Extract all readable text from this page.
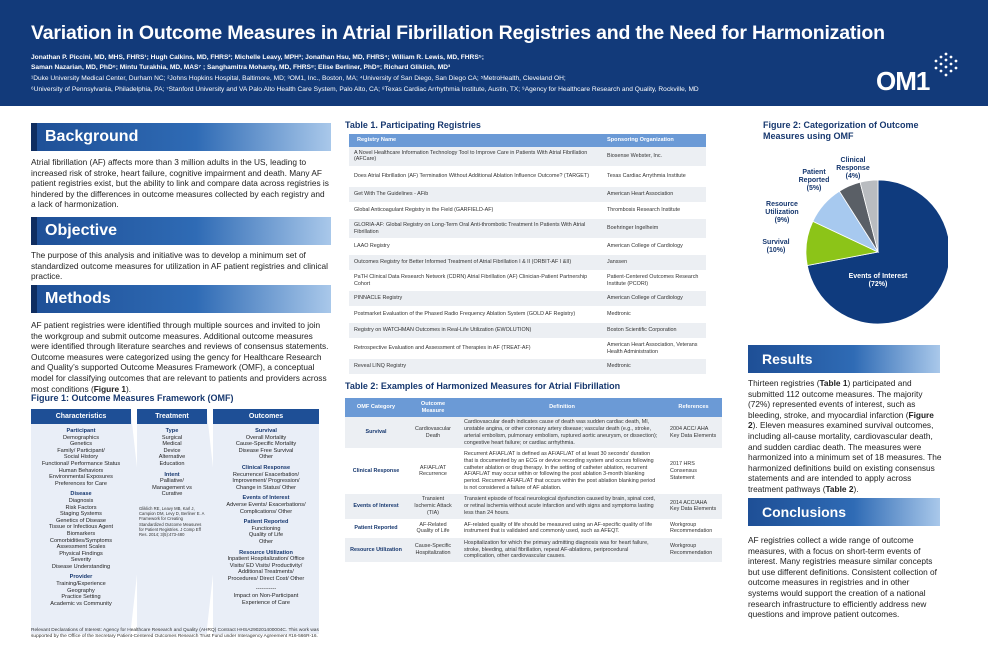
Variation in Outcome Measures in Atrial Fibrillation Registries and the Need for Harmonization
Jonathan P. Piccini, MD, MHS, FHRS¹; Hugh Calkins, MD, FHRS²; Michelle Leavy, MPH³; Jonathan Hsu, MD, FHRS⁴; William R. Lewis, MD, FHRS⁵;
Saman Nazarian, MD, PhD⁶; Mintu Turakhia, MD, MAS⁷ ; Sanghamitra Mohanty, MD, FHRS⁸; Elise Berliner, PhD⁹; Richard Gliklich, MD³
¹Duke University Medical Center, Durham NC; ²Johns Hopkins Hospital, Baltimore, MD; ³OM1, Inc., Boston, MA; ⁴University of San Diego, San Diego CA; ⁵MetroHealth, Cleveland OH;
⁶University of Pennsylvania, Philadelphia, PA; ⁷Stanford University and VA Palo Alto Health Care System, Palo Alto, CA; ⁸Texas Cardiac Arrhythmia Institute, Austin, TX; ⁹Agency for Healthcare Research and Quality, Rockville, MD	OM1
Background
Atrial fibrillation (AF) affects more than 3 million adults in the US, leading to increased risk of stroke, heart failure, cognitive impairment and death. Many AF patient registries exist, but the ability to link and compare data across registries is hindered by the differences in outcome measures collected by each registry and a lack of harmonization.
Objective
The purpose of this analysis and initiative was to develop a minimum set of standardized outcome measures for utilization in AF patient registries and clinical practice.
Methods
AF patient registries were identified through multiple sources and invited to join the workgroup and submit outcome measures. Additional outcome measures were identified through literature searches and reviews of consensus statements. Outcome measures were categorized using the gency for Healthcare Research and Quality’s supported Outcome Measures Framework (OMF), a conceptual model for classifying outcomes that are relevant to patients and providers across most conditions (Figure 1).
Figure 1: Outcome Measures Framework (OMF)
Characteristics
Participant
Demographics
Genetics
Family/ Participant/
Social History
Functional/ Performance Status
Human Behaviors
Environmental Exposures
Preferences for Care
Disease
Diagnosis
Risk Factors
Staging Systems
Genetics of Disease
Tissue or Infectious Agent
Biomarkers
Comorbidities/Symptoms
Assessment Scales
Physical Findings
Severity
Disease Understanding
Provider
Training/Experience
Geography
Practice Setting
Academic vs Community
Treatment
Type
Surgical
Medical
Device
Alternative
Education
Intent
Palliative/
Management vs
Curative
Gliklich RE, Leavy MB, Karl J, Campion DM, Levy D, Berliner E. A Framework for Creating Standardized Outcome Measures for Patient Registries. J Comp Eff Res. 2014; 3(5):473-480
Outcomes
Survival
Overall Mortality
Cause-Specific Mortality
Disease Free Survival
Other
Clinical Response
Recurrence/ Exacerbation/
Improvement/ Progression/
Change in Status/ Other
Events of Interest
Adverse Events/ Exacerbations/
Complications/ Other
Patient Reported
Functioning
Quality of Life
Other
Resource Utilization
Inpatient Hospitalization/ Office
Visits/ ED Visits/ Productivity/
Additional Treatments/
Procedures/ Direct Cost/ Other
-----------
Impact on Non-Participant
Experience of Care
Relevant Declarations of Interest: Agency for Healthcare Research and Quality (AHRQ) Contract HHSA290201400004C. This work was supported by the Office of the Secretary Patient-Centered Outcomes Research Trust Fund under Interagency Agreement #16-566R-16.
Table 1. Participating Registries
Registry Name	Sponsoring Organization
A Novel Healthcare Information Technology Tool to Improve Care in Patients With Atrial Fibrillation (AFCare)	Biosense Webster, Inc.
Does Atrial Fibrillation (AF) Termination Without Additional Ablation Influence Outcome? (TARGET)	Texas Cardiac Arrythmia Institute
Get With The Guidelines - AFib	American Heart Association
Global Anticoagulant Registry in the Field (GARFIELD-AF)	Thrombosis Research Institute
GLORIA-AF: Global Registry on Long-Term Oral Anti-thrombotic Treatment In Patients With Atrial Fibrillation	Boehringer Ingelheim
LAAO Registry	American College of Cardiology
Outcomes Registry for Better Informed Treatment of Atrial Fibrillation I & II (ORBIT-AF I &II)	Janssen
PaTH Clinical Data Research Network (CDRN) Atrial Fibrillation (AF) Clinician-Patient Partnership Cohort	Patient-Centered Outcomes Research Institute (PCORI)
PINNACLE Registry	American College of Cardiology
Postmarket Evaluation of the Phased Radio Frequency Ablation System (GOLD AF Registry)	Medtronic
Registry on WATCHMAN Outcomes in Real-Life Utilization (EWOLUTION)	Boston Scientific Corporation
Retrospective Evaluation and Assessment of Therapies in AF (TREAT-AF)	American Heart Association, Veterans Health Administration
Reveal LINQ Registry	Medtronic
Table 2: Examples of Harmonized Measures for Atrial Fibrillation
OMF Category	Outcome Measure	Definition	References
Survival	Cardiovascular Death	Cardiovascular death indicates cause of death was sudden cardiac death, MI, unstable angina, or other coronary artery disease; vascular death (e.g., stroke, arterial embolism, pulmonary embolism, ruptured aortic aneurysm, or dissection); congestive heart failure; or cardiac arrhythmia.	2004 ACC/ AHA Key Data Elements
Clinical Response	AF/AFL/AT Recurrence	Recurrent AF/AFL/AT is defined as AF/AFL/AT of at least 30 seconds' duration that is documented by an ECG or device recording system and occurs following catheter ablation or drug therapy. In the setting of catheter ablation, recurrent AF/AFL/AT may occur within or following the post ablation 3-month blanking period. Recurrent AF/AFL/AT that occurs within the post ablation blanking period is not considered a failure of AF ablation.	2017 HRS Consensus Statement
Events of Interest	Transient Ischemic Attack (TIA)	Transient episode of focal neurological dysfunction caused by brain, spinal cord, or retinal ischemia without acute infarction and with signs and symptoms lasting less than 24 hours.	2014 ACC/AHA Key Data Elements
Patient Reported	AF-Related Quality of Life	AF-related quality of life should be measured using an AF-specific quality of life instrument that is validated and commonly used, such as AFEQT.	Workgroup Recommendation
Resource Utilization	Cause-Specific Hospitalization	Hospitalization for which the primary admitting diagnosis was for heart failure, stroke, bleeding, atrial fibrillation, repeat AF-ablations, periprocedural complication, other cardiovascular causes.	Workgroup Recommendation
Figure 2: Categorization of Outcome Measures using OMF
Events of Interest
(72%)
Survival
(10%)
Resource
Utilization
(9%)
Patient
Reported
(5%)
Clinical
Response
(4%)
Results
Thirteen registries (Table 1) participated and submitted 112 outcome measures. The majority (72%) represented events of interest, such as bleeding, stroke, and myocardial infarction (Figure 2). Eleven measures examined survival outcomes, including all-cause mortality, cardiovascular death, and sudden cardiac death. The measures were harmonized into a minimum set of 18 measures. The harmonized definitions build on existing consensus statements and are intended to apply across treatment pathways (Table 2).
Conclusions
AF registries collect a wide range of outcome measures, with a focus on short-term events of interest. Many registries measure similar concepts but use different definitions. Consistent collection of outcome measures in registries and in other systems would support the creation of a national research infrastructure to efficiently address new questions and improve patient outcomes.
